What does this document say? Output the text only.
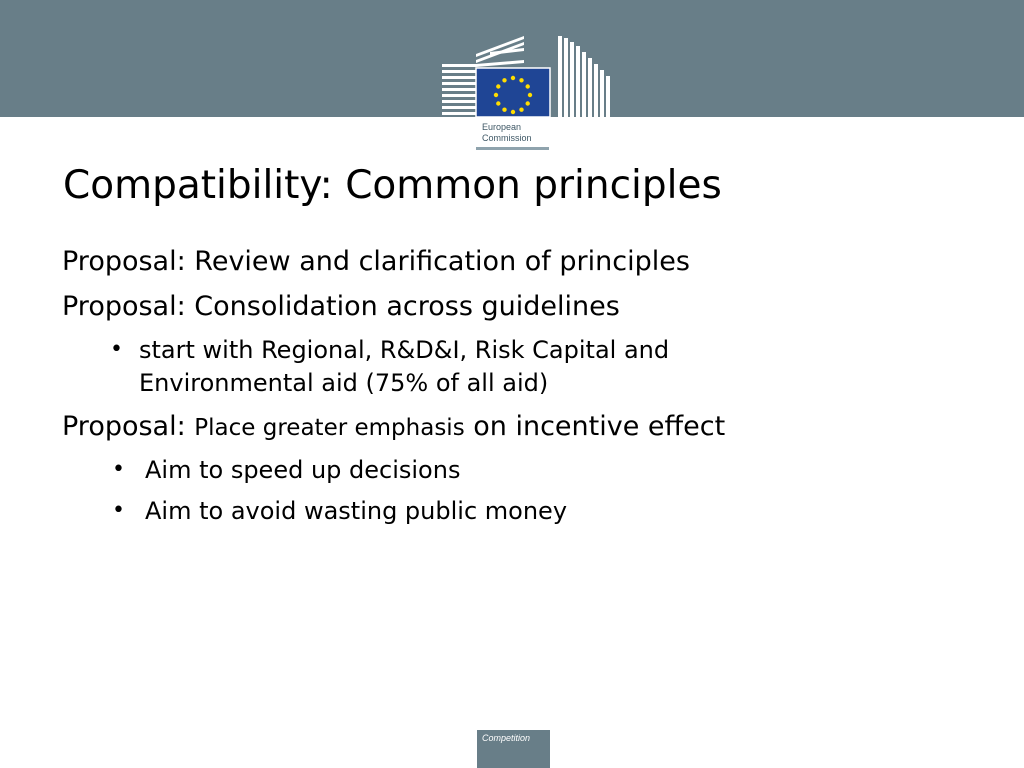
European
Commission
Compatibility: Common principles
Proposal: Review and clarification of principles
Proposal: Consolidation across guidelines
• start with Regional, R&D&I, Risk Capital and
Environmental aid (75% of all aid)
Proposal: Place greater emphasis on incentive effect
• Aim to speed up decisions
• Aim to avoid wasting public money
Competition
